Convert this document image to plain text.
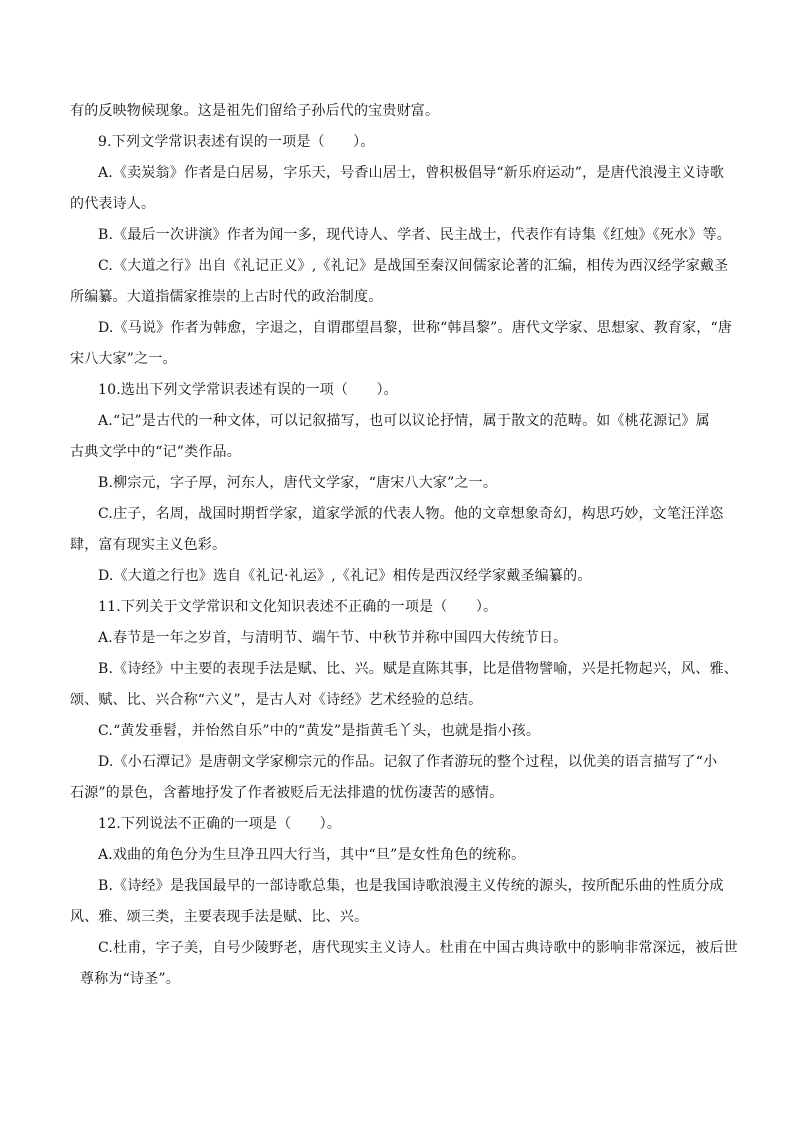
有的反映物候现象。这是祖先们留给子孙后代的宝贵财富。
9.下列文学常识表述有误的一项是（　　）。
A.《卖炭翁》作者是白居易，字乐天，号香山居士，曾积极倡导“新乐府运动”，是唐代浪漫主义诗歌
的代表诗人。
B.《最后一次讲演》作者为闻一多，现代诗人、学者、民主战士，代表作有诗集《红烛》《死水》等。
C.《大道之行》出自《礼记正义》,《礼记》是战国至秦汉间儒家论著的汇编，相传为西汉经学家戴圣
所编纂。大道指儒家推崇的上古时代的政治制度。
D.《马说》作者为韩愈，字退之，自谓郡望昌黎，世称“韩昌黎”。唐代文学家、思想家、教育家，“唐
宋八大家”之一。
10.选出下列文学常识表述有误的一项（　　）。
A.“记”是古代的一种文体，可以记叙描写，也可以议论抒情，属于散文的范畴。如《桃花源记》属
古典文学中的“记”类作品。
B.柳宗元，字子厚，河东人，唐代文学家，“唐宋八大家”之一。
C.庄子，名周，战国时期哲学家，道家学派的代表人物。他的文章想象奇幻，构思巧妙，文笔汪洋恣
肆，富有现实主义色彩。
D.《大道之行也》选自《礼记·礼运》,《礼记》相传是西汉经学家戴圣编纂的。
11.下列关于文学常识和文化知识表述不正确的一项是（　　）。
A.春节是一年之岁首，与清明节、端午节、中秋节并称中国四大传统节日。
B.《诗经》中主要的表现手法是赋、比、兴。赋是直陈其事，比是借物譬喻，兴是托物起兴，风、雅、
颂、赋、比、兴合称“六义”，是古人对《诗经》艺术经验的总结。
C.“黄发垂髫，并怡然自乐”中的“黄发”是指黄毛丫头，也就是指小孩。
D.《小石潭记》是唐朝文学家柳宗元的作品。记叙了作者游玩的整个过程，以优美的语言描写了“小
石源”的景色，含蓄地抒发了作者被贬后无法排遣的忧伤凄苦的感情。
12.下列说法不正确的一项是（　　）。
A.戏曲的角色分为生旦净丑四大行当，其中“旦”是女性角色的统称。
B.《诗经》是我国最早的一部诗歌总集，也是我国诗歌浪漫主义传统的源头，按所配乐曲的性质分成
风、雅、颂三类，主要表现手法是赋、比、兴。
C.杜甫，字子美，自号少陵野老，唐代现实主义诗人。杜甫在中国古典诗歌中的影响非常深远，被后世
尊称为“诗圣”。
